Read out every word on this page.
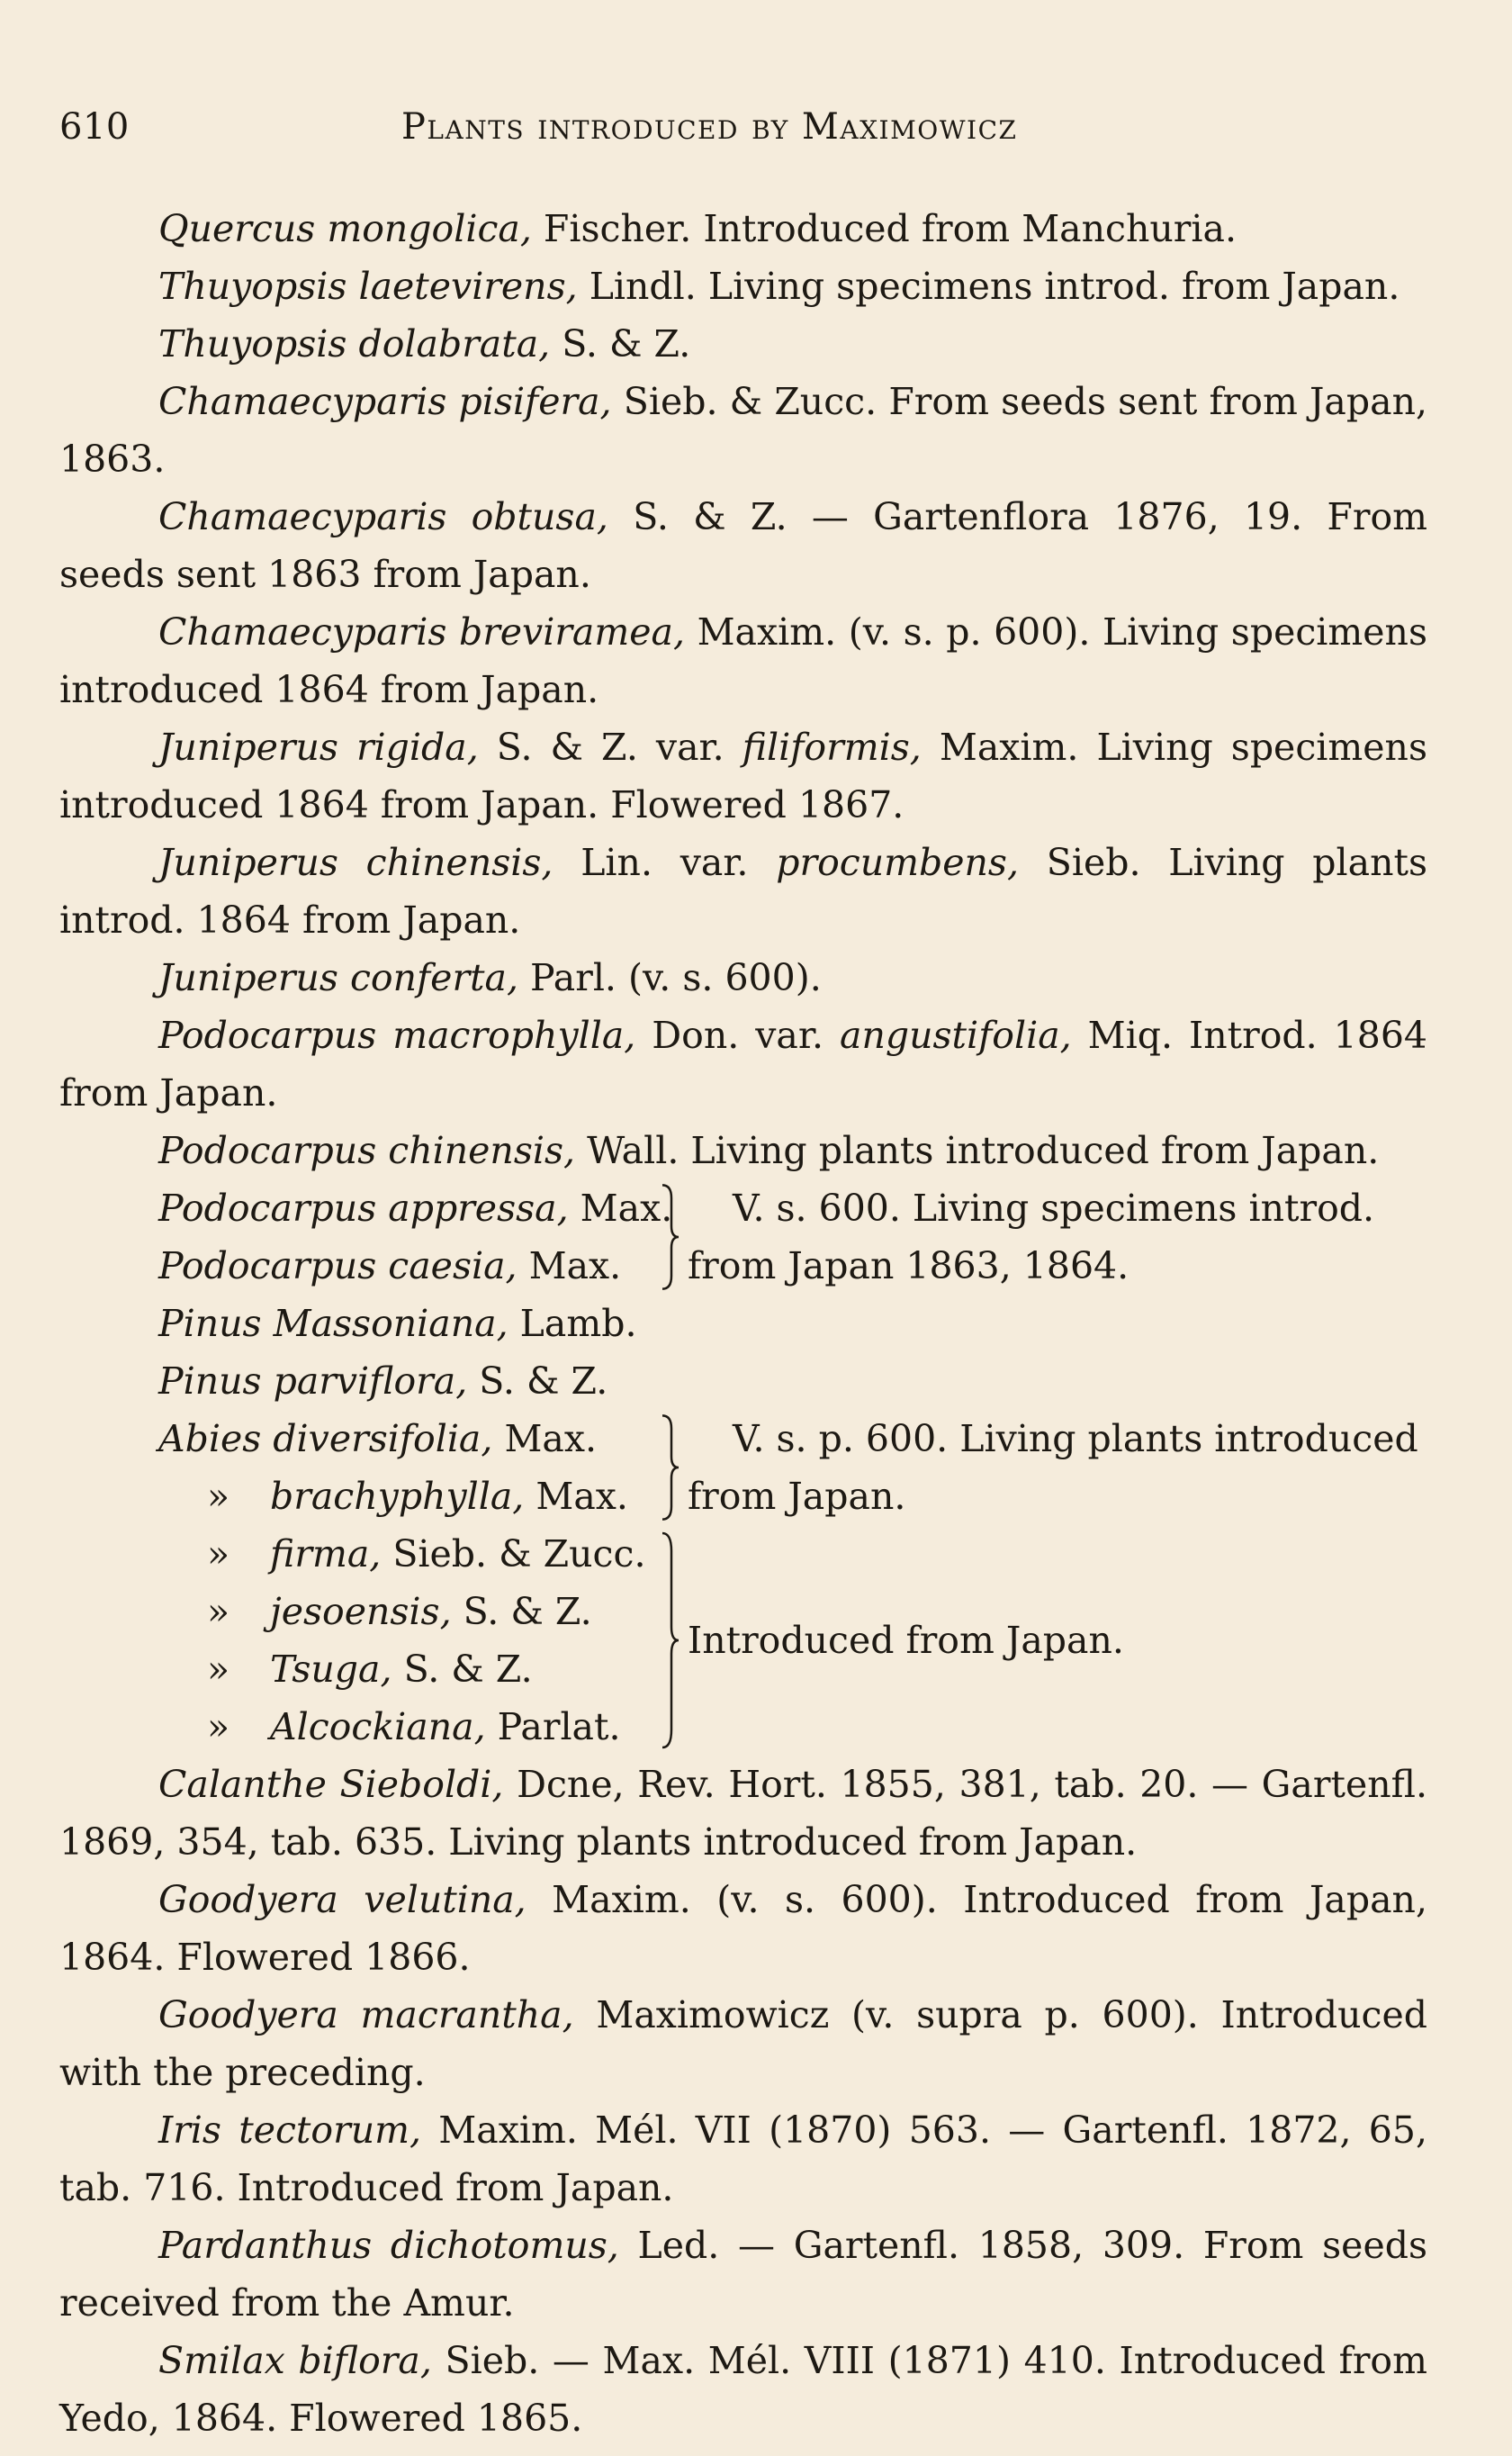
610	Plants introduced by Maximowicz

Quercus mongolica, Fischer. Introduced from Manchuria.

Thuyopsis laetevirens, Lindl. Living specimens introd. from Japan.

Thuyopsis dolabrata, S. & Z.

Chamaecyparis pisifera, Sieb. & Zucc. From seeds sent from Japan, 1863.

Chamaecyparis obtusa, S. & Z. — Gartenflora 1876, 19. From seeds sent 1863 from Japan.

Chamaecyparis breviramea, Maxim. (v. s. p. 600). Living specimens introduced 1864 from Japan.

Juniperus rigida, S. & Z. var. filiformis, Maxim. Living specimens introduced 1864 from Japan. Flowered 1867.

Juniperus chinensis, Lin. var. procumbens, Sieb. Living plants introd. 1864 from Japan.

Juniperus conferta, Parl. (v. s. 600).

Podocarpus macrophylla, Don. var. angustifolia, Miq. Introd. 1864 from Japan.

Podocarpus chinensis, Wall. Living plants introduced from Japan.

Podocarpus appressa, Max.
Podocarpus caesia, Max.
V. s. 600. Living specimens introd.
from Japan 1863, 1864.
Pinus Massoniana, Lamb.
Pinus parviflora, S. & Z.
Abies diversifolia, Max.
» brachyphylla, Max.
V. s. p. 600. Living plants introduced
from Japan.
» firma, Sieb. & Zucc.
» jesoensis, S. & Z.
» Tsuga, S. & Z.
» Alcockiana, Parlat.
Introduced from Japan.

Calanthe Sieboldi, Dcne, Rev. Hort. 1855, 381, tab. 20. — Gartenfl. 1869, 354, tab. 635. Living plants introduced from Japan.

Goodyera velutina, Maxim. (v. s. 600). Introduced from Japan, 1864. Flowered 1866.

Goodyera macrantha, Maximowicz (v. supra p. 600). Introduced with the preceding.

Iris tectorum, Maxim. Mél. VII (1870) 563. — Gartenfl. 1872, 65, tab. 716. Introduced from Japan.

Pardanthus dichotomus, Led. — Gartenfl. 1858, 309. From seeds received from the Amur.

Smilax biflora, Sieb. — Max. Mél. VIII (1871) 410. Introduced from Yedo, 1864. Flowered 1865.
